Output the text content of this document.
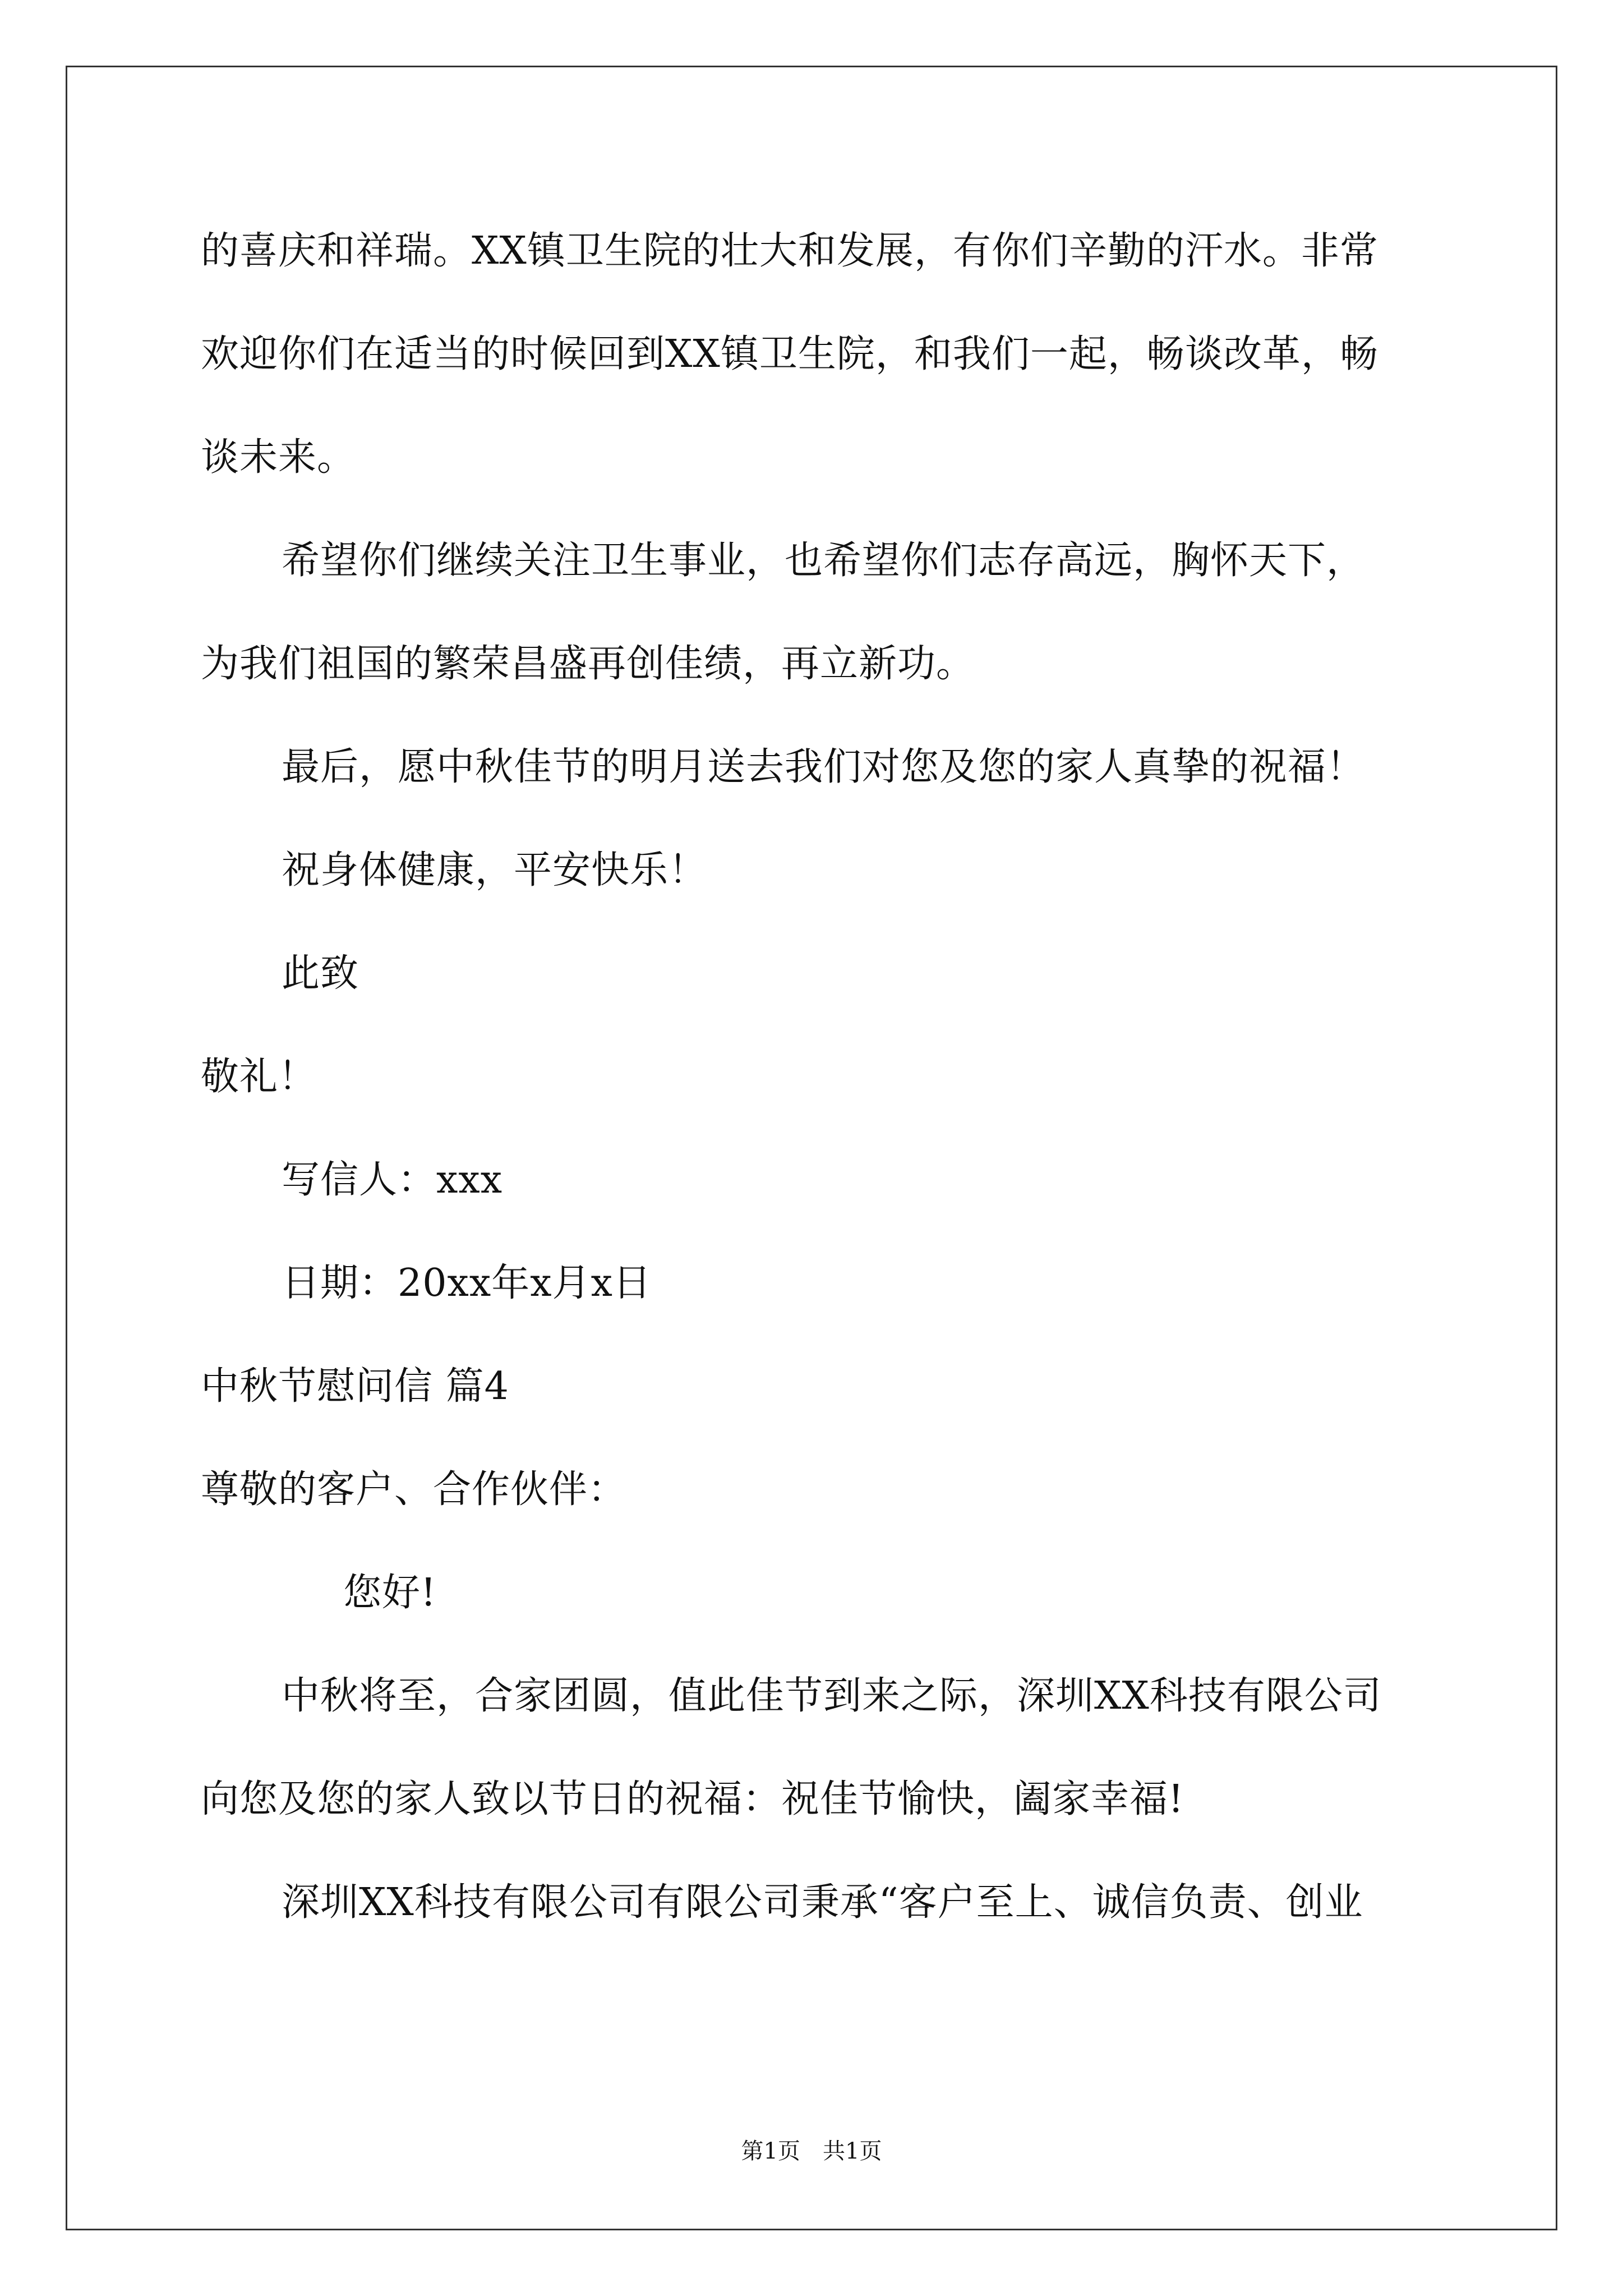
的喜庆和祥瑞。XX镇卫生院的壮大和发展，有你们辛勤的汗水。非常
欢迎你们在适当的时候回到XX镇卫生院，和我们一起，畅谈改革，畅
谈未来。
希望你们继续关注卫生事业，也希望你们志存高远，胸怀天下，
为我们祖国的繁荣昌盛再创佳绩，再立新功。
最后，愿中秋佳节的明月送去我们对您及您的家人真挚的祝福！
祝身体健康，平安快乐！
此致
敬礼！
写信人：xxx
日期：20xx年x月x日
中秋节慰问信 篇4
尊敬的客户、合作伙伴：
您好!
中秋将至，合家团圆，值此佳节到来之际，深圳XX科技有限公司
向您及您的家人致以节日的祝福：祝佳节愉快，阖家幸福!
深圳XX科技有限公司有限公司秉承“客户至上、诚信负责、创业
第1页　共1页
